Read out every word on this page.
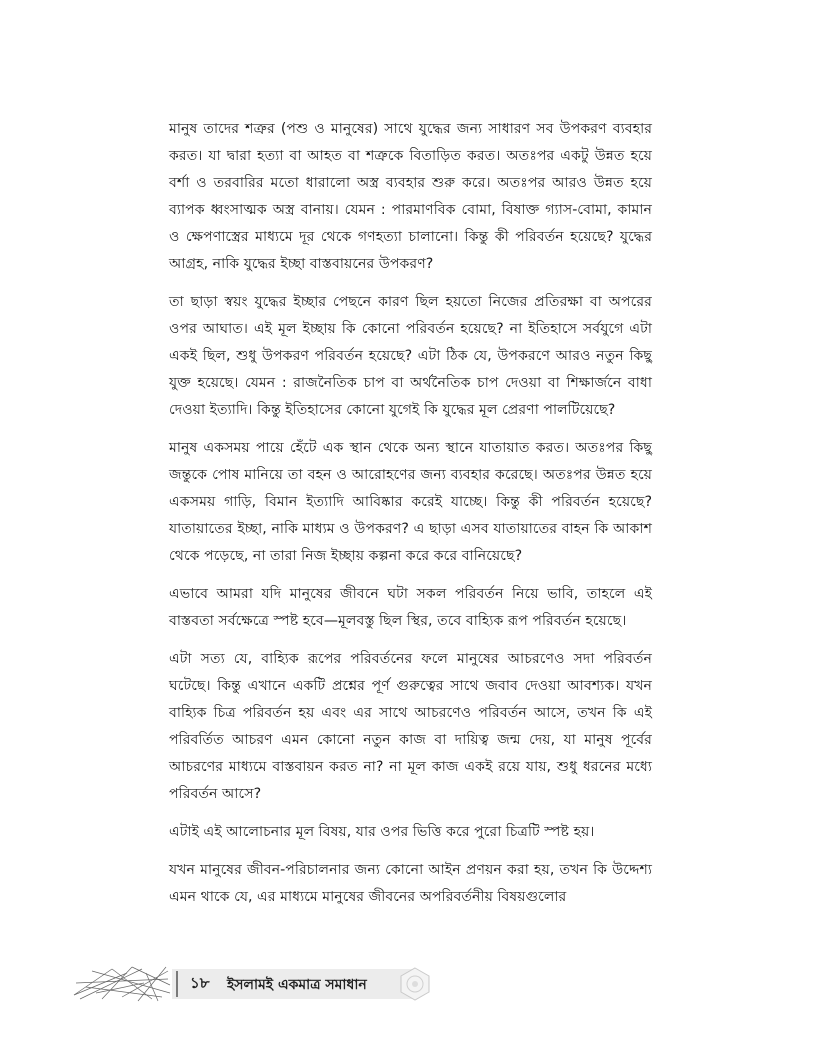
মানুষ তাদের শত্রুর (পশু ও মানুষের) সাথে যুদ্ধের জন্য সাধারণ সব উপকরণ ব্যবহার করত। যা দ্বারা হত্যা বা আহত বা শত্রুকে বিতাড়িত করত। অতঃপর একটু উন্নত হয়ে বর্শা ও তরবারির মতো ধারালো অস্ত্র ব্যবহার শুরু করে। অতঃপর আরও উন্নত হয়ে ব্যাপক ধ্বংসাত্মক অস্ত্র বানায়। যেমন : পারমাণবিক বোমা, বিষাক্ত গ্যাস-বোমা, কামান ও ক্ষেপণাস্ত্রের মাধ্যমে দূর থেকে গণহত্যা চালানো। কিন্তু কী পরিবর্তন হয়েছে? যুদ্ধের আগ্রহ, নাকি যুদ্ধের ইচ্ছা বাস্তবায়নের উপকরণ?

তা ছাড়া স্বয়ং যুদ্ধের ইচ্ছার পেছনে কারণ ছিল হয়তো নিজের প্রতিরক্ষা বা অপরের ওপর আঘাত। এই মূল ইচ্ছায় কি কোনো পরিবর্তন হয়েছে? না ইতিহাসে সর্বযুগে এটা একই ছিল, শুধু উপকরণ পরিবর্তন হয়েছে? এটা ঠিক যে, উপকরণে আরও নতুন কিছু যুক্ত হয়েছে। যেমন : রাজনৈতিক চাপ বা অর্থনৈতিক চাপ দেওয়া বা শিক্ষার্জনে বাধা দেওয়া ইত্যাদি। কিন্তু ইতিহাসের কোনো যুগেই কি যুদ্ধের মূল প্রেরণা পালটিয়েছে?

মানুষ একসময় পায়ে হেঁটে এক স্থান থেকে অন্য স্থানে যাতায়াত করত। অতঃপর কিছু জন্তুকে পোষ মানিয়ে তা বহন ও আরোহণের জন্য ব্যবহার করেছে। অতঃপর উন্নত হয়ে একসময় গাড়ি, বিমান ইত্যাদি আবিষ্কার করেই যাচ্ছে। কিন্তু কী পরিবর্তন হয়েছে? যাতায়াতের ইচ্ছা, নাকি মাধ্যম ও উপকরণ? এ ছাড়া এসব যাতায়াতের বাহন কি আকাশ থেকে পড়েছে, না তারা নিজ ইচ্ছায় কল্পনা করে করে বানিয়েছে?

এভাবে আমরা যদি মানুষের জীবনে ঘটা সকল পরিবর্তন নিয়ে ভাবি, তাহলে এই বাস্তবতা সর্বক্ষেত্রে স্পষ্ট হবে—মূলবস্তু ছিল স্থির, তবে বাহ্যিক রূপ পরিবর্তন হয়েছে।

এটা সত্য যে, বাহ্যিক রূপের পরিবর্তনের ফলে মানুষের আচরণেও সদা পরিবর্তন ঘটেছে। কিন্তু এখানে একটি প্রশ্নের পূর্ণ গুরুত্বের সাথে জবাব দেওয়া আবশ্যক। যখন বাহ্যিক চিত্র পরিবর্তন হয় এবং এর সাথে আচরণেও পরিবর্তন আসে, তখন কি এই পরিবর্তিত আচরণ এমন কোনো নতুন কাজ বা দায়িত্ব জন্ম দেয়, যা মানুষ পূর্বের আচরণের মাধ্যমে বাস্তবায়ন করত না? না মূল কাজ একই রয়ে যায়, শুধু ধরনের মধ্যে পরিবর্তন আসে?

এটাই এই আলোচনার মূল বিষয়, যার ওপর ভিত্তি করে পুরো চিত্রটি স্পষ্ট হয়।

যখন মানুষের জীবন-পরিচালনার জন্য কোনো আইন প্রণয়ন করা হয়, তখন কি উদ্দেশ্য এমন থাকে যে, এর মাধ্যমে মানুষের জীবনের অপরিবর্তনীয় বিষয়গুলোর

১৮ ইসলামই একমাত্র সমাধান
